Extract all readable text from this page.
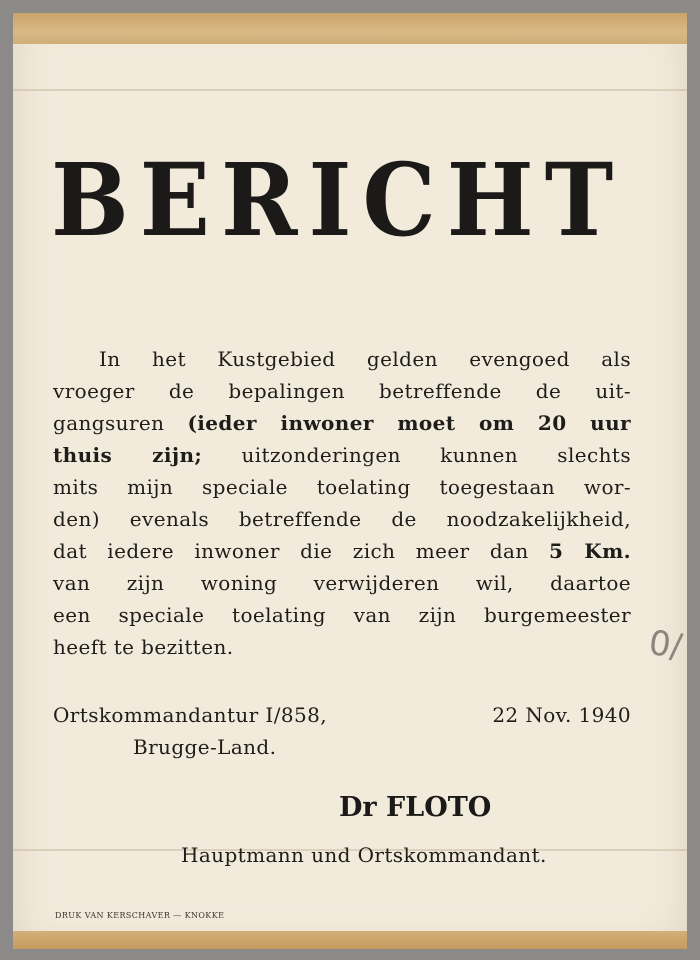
BERICHT
In het Kustgebied gelden evengoed als
vroeger de bepalingen betreffende de uit-
gangsuren (ieder inwoner moet om 20 uur
thuis zijn; uitzonderingen kunnen slechts
mits mijn speciale toelating toegestaan wor-
den) evenals betreffende de noodzakelijkheid,
dat iedere inwoner die zich meer dan 5 Km.
van zijn woning verwijderen wil, daartoe
een speciale toelating van zijn burgemeester
heeft te bezitten.
Ortskommandantur I/858,	22 Nov. 1940
Brugge-Land.
Dr FLOTO
Hauptmann und Ortskommandant.
0/
DRUK VAN KERSCHAVER — KNOKKE
